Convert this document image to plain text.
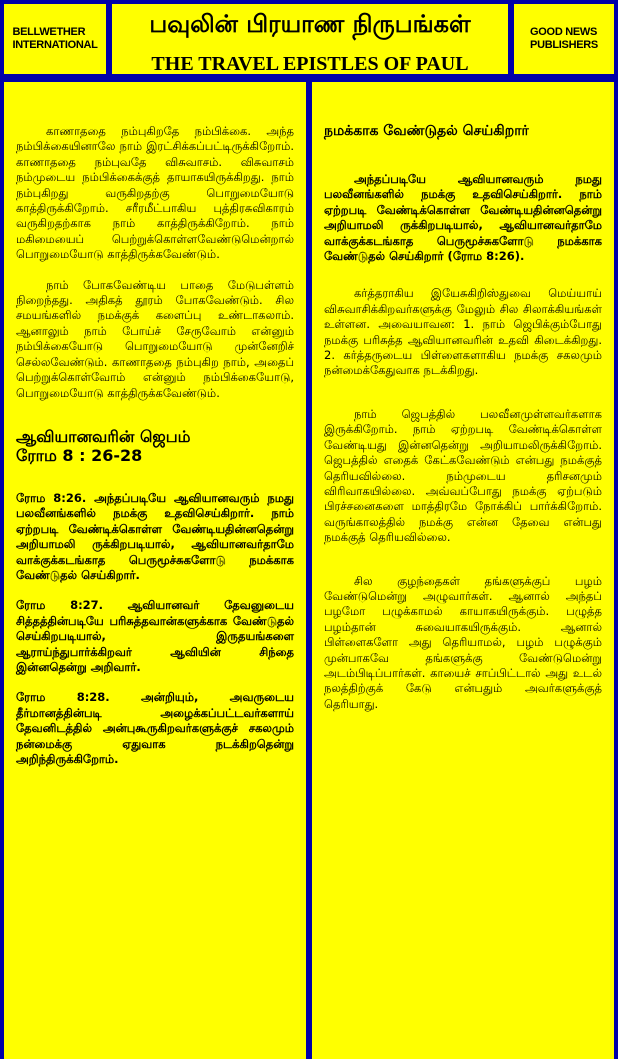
BELLWETHER
INTERNATIONAL
பவுலின் பிரயாண நிருபங்கள்
THE TRAVEL EPISTLES OF PAUL
GOOD NEWS
PUBLISHERS

காணாததை நம்புகிறதே நம்பிக்கை. அந்த நம்பிக்கையினாலே நாம் இரட்சிக்கப்பட்டிருக்கிறோம். காணாததை நம்புவதே விசுவாசம். விசுவாசம் நம்முடைய நம்பிக்கைக்குத் தாயாகயிருக்கிறது. நாம் நம்புகிறது வருகிறதற்கு பொறுமையோடு காத்திருக்கிறோம். சரீரமீட்பாகிய புத்திரசுவிகாரம் வருகிறதற்காக நாம் காத்திருக்கிறோம். நாம் மகிமையைப் பெற்றுக்கொள்ளவேண்டுமென்றால் பொறுமையோடு காத்திருக்கவேண்டும்.

நாம் போகவேண்டிய பாதை மேடுபள்ளம் நிறைந்தது. அதிகத் தூரம் போகவேண்டும். சில சமயங்களில் நமக்குக் களைப்பு உண்டாகலாம். ஆனாலும் நாம் போய்ச் சேருவோம் என்னும் நம்பிக்கையோடு பொறுமையோடு முன்னேறிச் செல்லவேண்டும். காணாததை நம்புகிற நாம், அதைப் பெற்றுக்கொள்வோம் என்னும் நம்பிக்கையோடு, பொறுமையோடு காத்திருக்கவேண்டும்.

ஆவியானவரின் ஜெபம்
ரோம 8 : 26-28

ரோம 8:26. அந்தப்படியே ஆவியானவரும் நமது பலவீனங்களில் நமக்கு உதவிசெய்கிறார். நாம் ஏற்றபடி வேண்டிக்கொள்ள வேண்டியதின்னதென்று அறியாமலி ருக்கிறபடியால், ஆவியானவர்தாமே வாக்குக்கடங்காத பெருமூச்சுகளோடு நமக்காக வேண்டுதல் செய்கிறார்.

ரோம 8:27. ஆவியானவர் தேவனுடைய சித்தத்தின்படியே பரிசுத்தவான்களுக்காக வேண்டுதல் செய்கிறபடியால், இருதயங்களை ஆராய்ந்துபார்க்கிறவர் ஆவியின் சிந்தை இன்னதென்று அறிவார்.

ரோம 8:28. அன்றியும், அவருடைய தீர்மானத்தின்படி அழைக்கப்பட்டவர்களாய் தேவனிடத்தில் அன்புகூருகிறவர்களுக்குச் சகலமும் நன்மைக்கு ஏதுவாக நடக்கிறதென்று அறிந்திருக்கிறோம்.

நமக்காக வேண்டுதல் செய்கிறார்

அந்தப்படியே ஆவியானவரும் நமது பலவீனங்களில் நமக்கு உதவிசெய்கிறார். நாம் ஏற்றபடி வேண்டிக்கொள்ள வேண்டியதின்னதென்று அறியாமலி ருக்கிறபடியால், ஆவியானவர்தாமே வாக்குக்கடங்காத பெருமூச்சுகளோடு நமக்காக வேண்டுதல் செய்கிறார் (ரோம 8:26).

கர்த்தராகிய இயேசுகிறிஸ்துவை மெய்யாய் விசுவாசிக்கிறவர்களுக்கு மேலும் சில சிலாக்கியங்கள் உள்ளன. அவையாவன: 1. நாம் ஜெபிக்கும்போது நமக்கு பரிசுத்த ஆவியானவரின் உதவி கிடைக்கிறது. 2. கர்த்தருடைய பிள்ளைகளாகிய நமக்கு சகலமும் நன்மைக்கேதுவாக நடக்கிறது.

நாம் ஜெபத்தில் பலவீனமுள்ளவர்களாக இருக்கிறோம். நாம் ஏற்றபடி வேண்டிக்கொள்ள வேண்டியது இன்னதென்று அறியாமலிருக்கிறோம். ஜெபத்தில் எதைக் கேட்கவேண்டும் என்பது நமக்குத் தெரியவில்லை. நம்முடைய தரிசனமும் விரிவாகயில்லை. அவ்வப்போது நமக்கு ஏற்படும் பிரச்சனைகளை மாத்திரமே நோக்கிப் பார்க்கிறோம். வருங்காலத்தில் நமக்கு என்ன தேவை என்பது நமக்குத் தெரியவில்லை.

சில குழந்தைகள் தங்களுக்குப் பழம் வேண்டுமென்று அழுவார்கள். ஆனால் அந்தப் பழமோ பழுக்காமல் காயாகயிருக்கும். பழுத்த பழம்தான் சுவையாகயிருக்கும். ஆனால் பிள்ளைகளோ அது தெரியாமல், பழம் பழுக்கும் முன்பாகவே தங்களுக்கு வேண்டுமென்று அடம்பிடிப்பார்கள். காயைச் சாப்பிட்டால் அது உடல் நலத்திற்குக் கேடு என்பதும் அவர்களுக்குத் தெரியாது.
